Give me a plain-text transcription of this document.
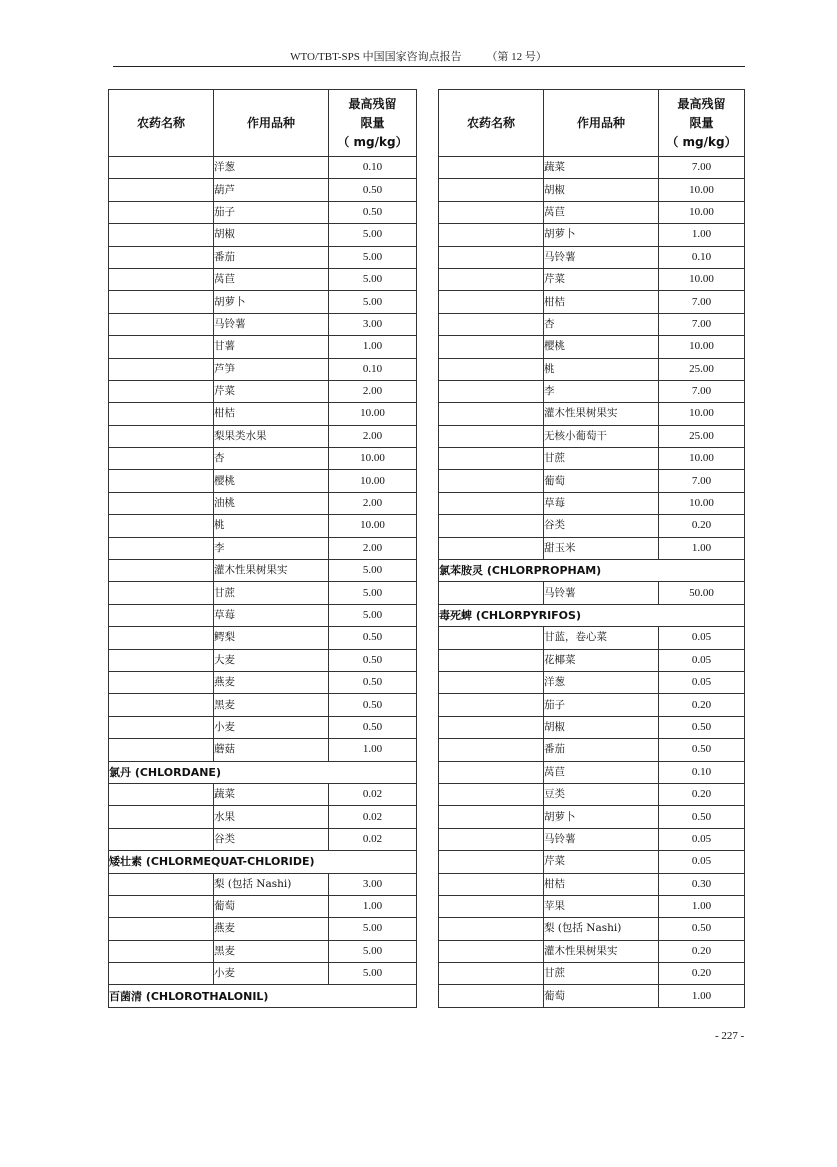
WTO/TBT-SPS 中国国家咨询点报告 （第 12 号）
农药名称	作用品种	最高残留
限量
（ mg/kg）

	洋葱	0.10
	葫芦	0.50
	茄子	0.50
	胡椒	5.00
	番茄	5.00
	莴苣	5.00
	胡萝卜	5.00
	马铃薯	3.00
	甘薯	1.00
	芦笋	0.10
	芹菜	2.00
	柑桔	10.00
	梨果类水果	2.00
	杏	10.00
	樱桃	10.00
	油桃	2.00
	桃	10.00
	李	2.00
	灌木性果树果实	5.00
	甘蔗	5.00
	草莓	5.00
	鳄梨	0.50
	大麦	0.50
	燕麦	0.50
	黑麦	0.50
	小麦	0.50
	蘑菇	1.00
氯丹 (CHLORDANE)		
	蔬菜	0.02
	水果	0.02
	谷类	0.02
矮壮素 (CHLORMEQUAT-CHLORIDE)		
	梨 (包括 Nashi)	3.00
	葡萄	1.00
	燕麦	5.00
	黑麦	5.00
	小麦	5.00
百菌清 (CHLOROTHALONIL)		
农药名称	作用品种	最高残留
限量
（ mg/kg）

	蔬菜	7.00
	胡椒	10.00
	莴苣	10.00
	胡萝卜	1.00
	马铃薯	0.10
	芹菜	10.00
	柑桔	7.00
	杏	7.00
	樱桃	10.00
	桃	25.00
	李	7.00
	灌木性果树果实	10.00
	无核小葡萄干	25.00
	甘蔗	10.00
	葡萄	7.00
	草莓	10.00
	谷类	0.20
	甜玉米	1.00
氯苯胺灵 (CHLORPROPHAM)		
	马铃薯	50.00
毒死蜱 (CHLORPYRIFOS)		
	甘蓝，卷心菜	0.05
	花椰菜	0.05
	洋葱	0.05
	茄子	0.20
	胡椒	0.50
	番茄	0.50
	莴苣	0.10
	豆类	0.20
	胡萝卜	0.50
	马铃薯	0.05
	芹菜	0.05
	柑桔	0.30
	苹果	1.00
	梨 (包括 Nashi)	0.50
	灌木性果树果实	0.20
	甘蔗	0.20
	葡萄	1.00
- 227 -
